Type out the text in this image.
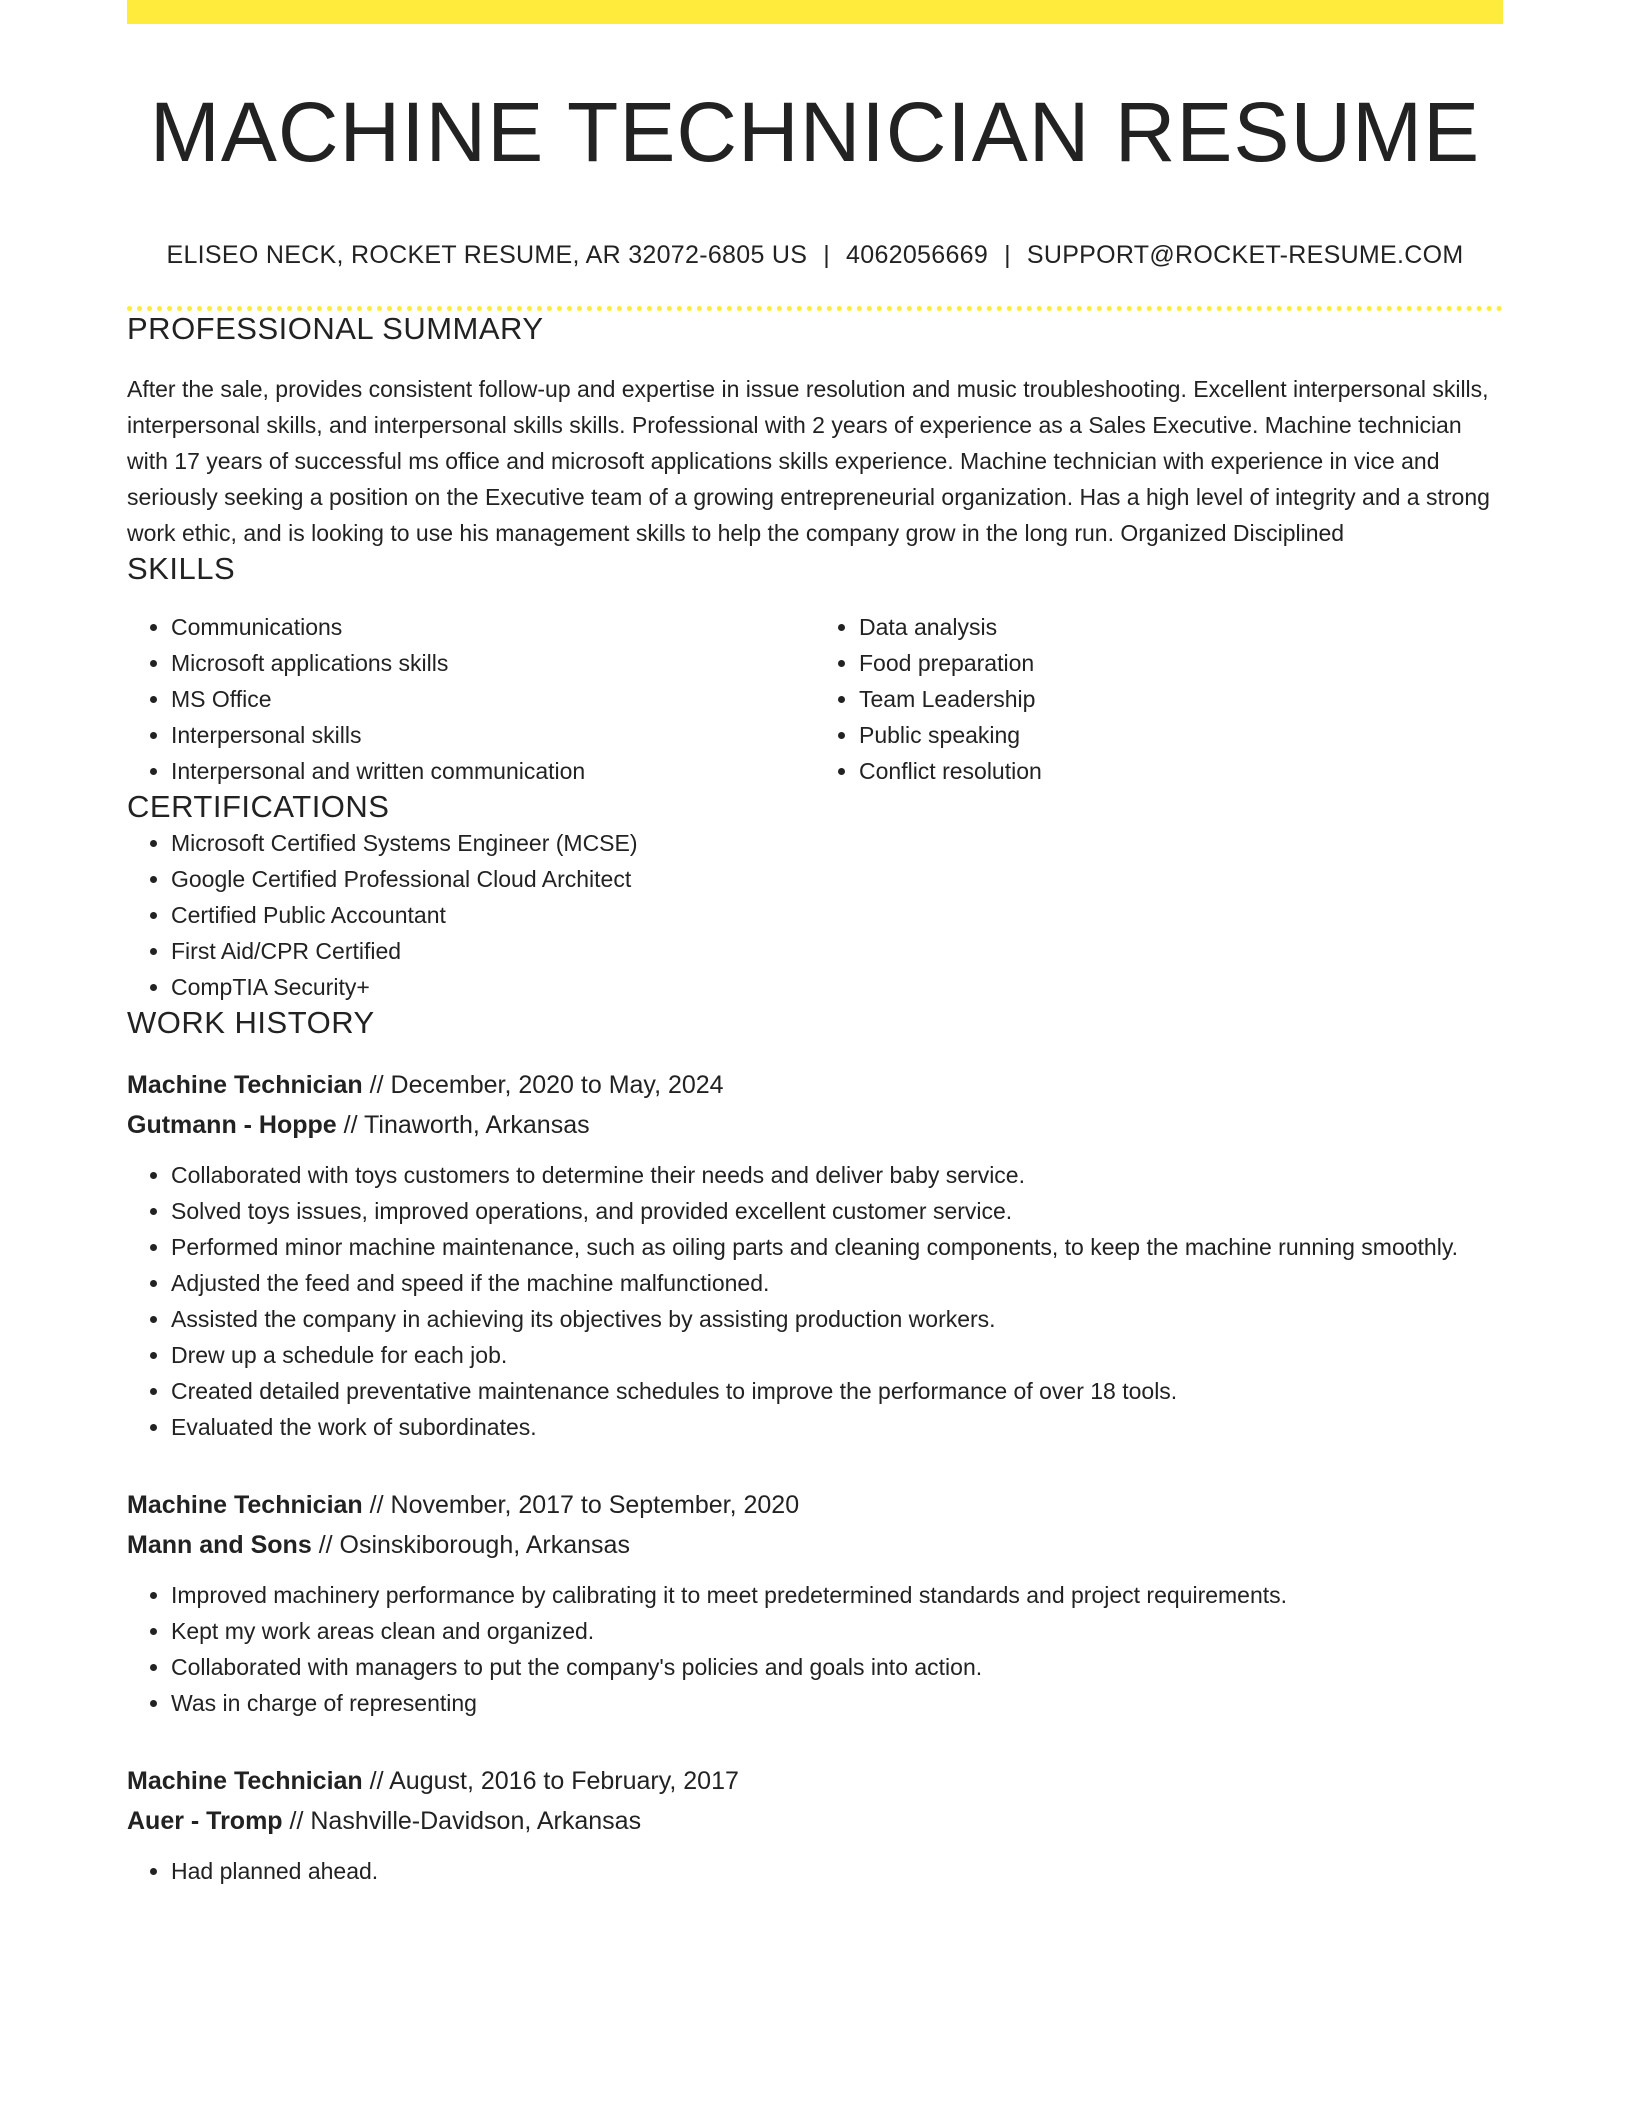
MACHINE TECHNICIAN RESUME
ELISEO NECK, ROCKET RESUME, AR 32072-6805 US | 4062056669 | SUPPORT@ROCKET-RESUME.COM
PROFESSIONAL SUMMARY

After the sale, provides consistent follow-up and expertise in issue resolution and music troubleshooting. Excellent interpersonal skills, interpersonal skills, and interpersonal skills skills. Professional with 2 years of experience as a Sales Executive. Machine technician with 17 years of successful ms office and microsoft applications skills experience. Machine technician with experience in vice and seriously seeking a position on the Executive team of a growing entrepreneurial organization. Has a high level of integrity and a strong work ethic, and is looking to use his management skills to help the company grow in the long run. Organized Disciplined

SKILLS
• Communications
• Microsoft applications skills
• MS Office
• Interpersonal skills
• Interpersonal and written communication
• Data analysis
• Food preparation
• Team Leadership
• Public speaking
• Conflict resolution
CERTIFICATIONS
• Microsoft Certified Systems Engineer (MCSE)
• Google Certified Professional Cloud Architect
• Certified Public Accountant
• First Aid/CPR Certified
• CompTIA Security+
WORK HISTORY
Machine Technician // December, 2020 to May, 2024
Gutmann - Hoppe // Tinaworth, Arkansas
• Collaborated with toys customers to determine their needs and deliver baby service.
• Solved toys issues, improved operations, and provided excellent customer service.
• Performed minor machine maintenance, such as oiling parts and cleaning components, to keep the machine running smoothly.
• Adjusted the feed and speed if the machine malfunctioned.
• Assisted the company in achieving its objectives by assisting production workers.
• Drew up a schedule for each job.
• Created detailed preventative maintenance schedules to improve the performance of over 18 tools.
• Evaluated the work of subordinates.
Machine Technician // November, 2017 to September, 2020
Mann and Sons // Osinskiborough, Arkansas
• Improved machinery performance by calibrating it to meet predetermined standards and project requirements.
• Kept my work areas clean and organized.
• Collaborated with managers to put the company's policies and goals into action.
• Was in charge of representing
Machine Technician // August, 2016 to February, 2017
Auer - Tromp // Nashville-Davidson, Arkansas
• Had planned ahead.
